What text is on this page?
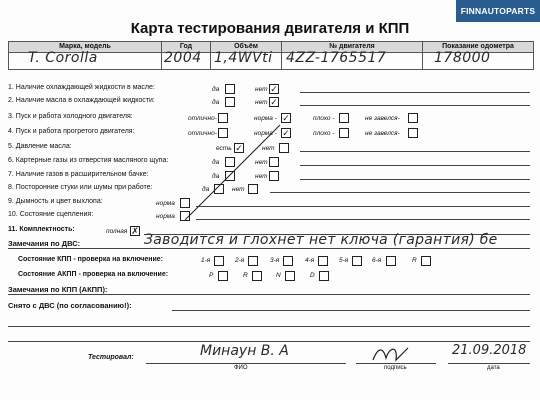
FINNAUTOPARTS
Карта тестирования двигателя и КПП
Марка, модель	Год	Объём	№ двигателя	Показание одометра
T. Corolla	2004 1,4WVti 4ZZ-1765517	178000
1. Наличие охлаждающей жидкости в масле:	да	нет ✓
2. Наличие масла в охлаждающей жидкости:	да	нет ✓
3. Пуск и работа холодного двигателя:	отлично-	норма - ✓	плохо -	не завелся-
4. Пуск и работа прогретого двигателя:	отлично-	норма - ✓	плохо -	не завелся-
5. Давление масла:	есть ✓	нет
6. Картерные газы из отверстия масляного щупа:	да	нет
7. Наличие газов в расширительном бачке:	да	нет
8. Посторонние стуки или шумы при работе:	да	нет
9. Дымность и цвет выхлопа:	норма
10. Состояние сцепления:	норма
11. Комплектность:	полная ✗
Замечания по ДВС:	Заводится и глохнет нет ключа (гарантия) бе
Состояние КПП - проверка на включение:	1-я	2-я	3-я	4-я	5-я	6-я	R
Состояние АКПП - проверка на включение:	P	R	N	D
Замечания по КПП (АКПП):
Снято с ДВС (по согласованию!):
Тестировал:	Минаун В. А	21.09.2018
ФИО	подпись	дата
